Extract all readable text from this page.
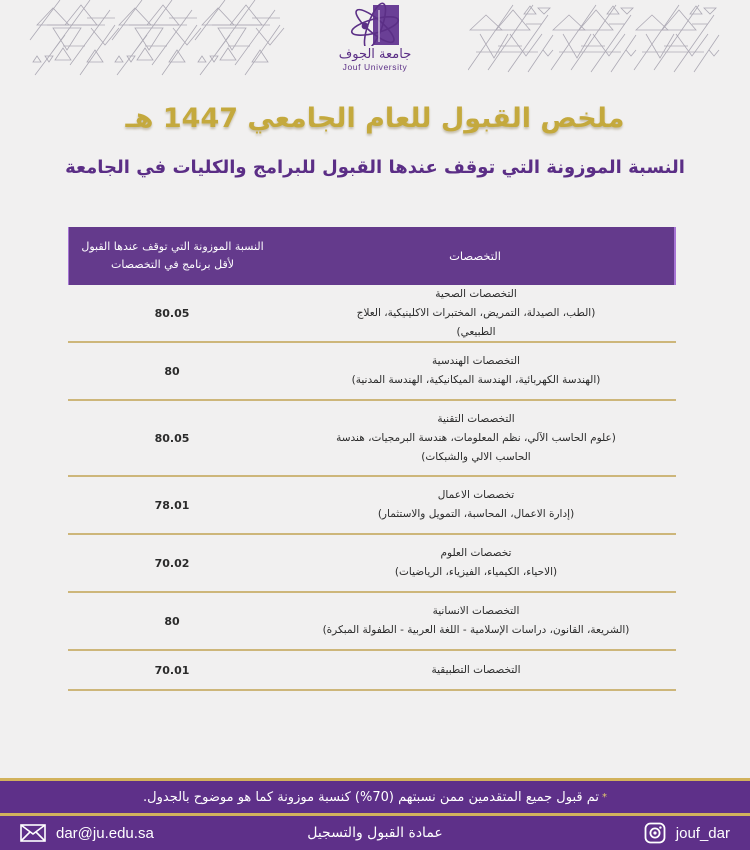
جامعة الجوف
Jouf University
ملخص القبول للعام الجامعي 1447 هـ
النسبة الموزونة التي توقف عندها القبول للبرامج والكليات في الجامعة
التخصصات
النسبة الموزونة التي توقف عندها القبول لأقل برنامج في التخصصات
التخصصات الصحية
(الطب، الصيدلة، التمريض، المختبرات الاكلينيكية، العلاج الطبيعي)
80.05
التخصصات الهندسية
(الهندسة الكهربائية، الهندسة الميكانيكية، الهندسة المدنية)
80
التخصصات التقنية
(علوم الحاسب الآلي، نظم المعلومات، هندسة البرمجيات، هندسة الحاسب الالي والشبكات)
80.05
تخصصات الاعمال
(إدارة الاعمال، المحاسبة، التمويل والاستثمار)
78.01
تخصصات العلوم
(الاحياء، الكيمياء، الفيزياء، الرياضيات)
70.02
التخصصات الانسانية
(الشريعة، القانون، دراسات الإسلامية - اللغة العربية - الطفولة المبكرة)
80
التخصصات التطبيقية
70.01
*
تم قبول جميع المتقدمين ممن نسبتهم (70%) كنسبة موزونة كما هو موضوح بالجدول.
dar@ju.edu.sa	عمادة القبول والتسجيل	jouf_dar
